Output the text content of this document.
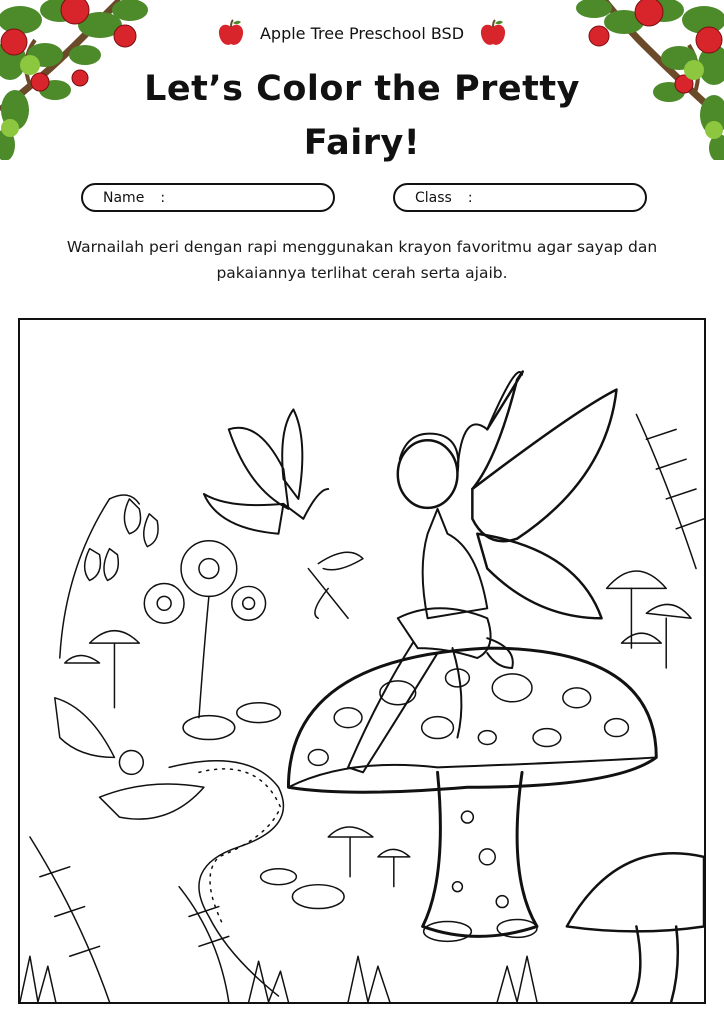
Apple Tree Preschool BSD
Let’s Color the Pretty Fairy!
Name :	Class :
Warnailah peri dengan rapi menggunakan krayon favoritmu agar sayap dan pakaiannya terlihat cerah serta ajaib.
